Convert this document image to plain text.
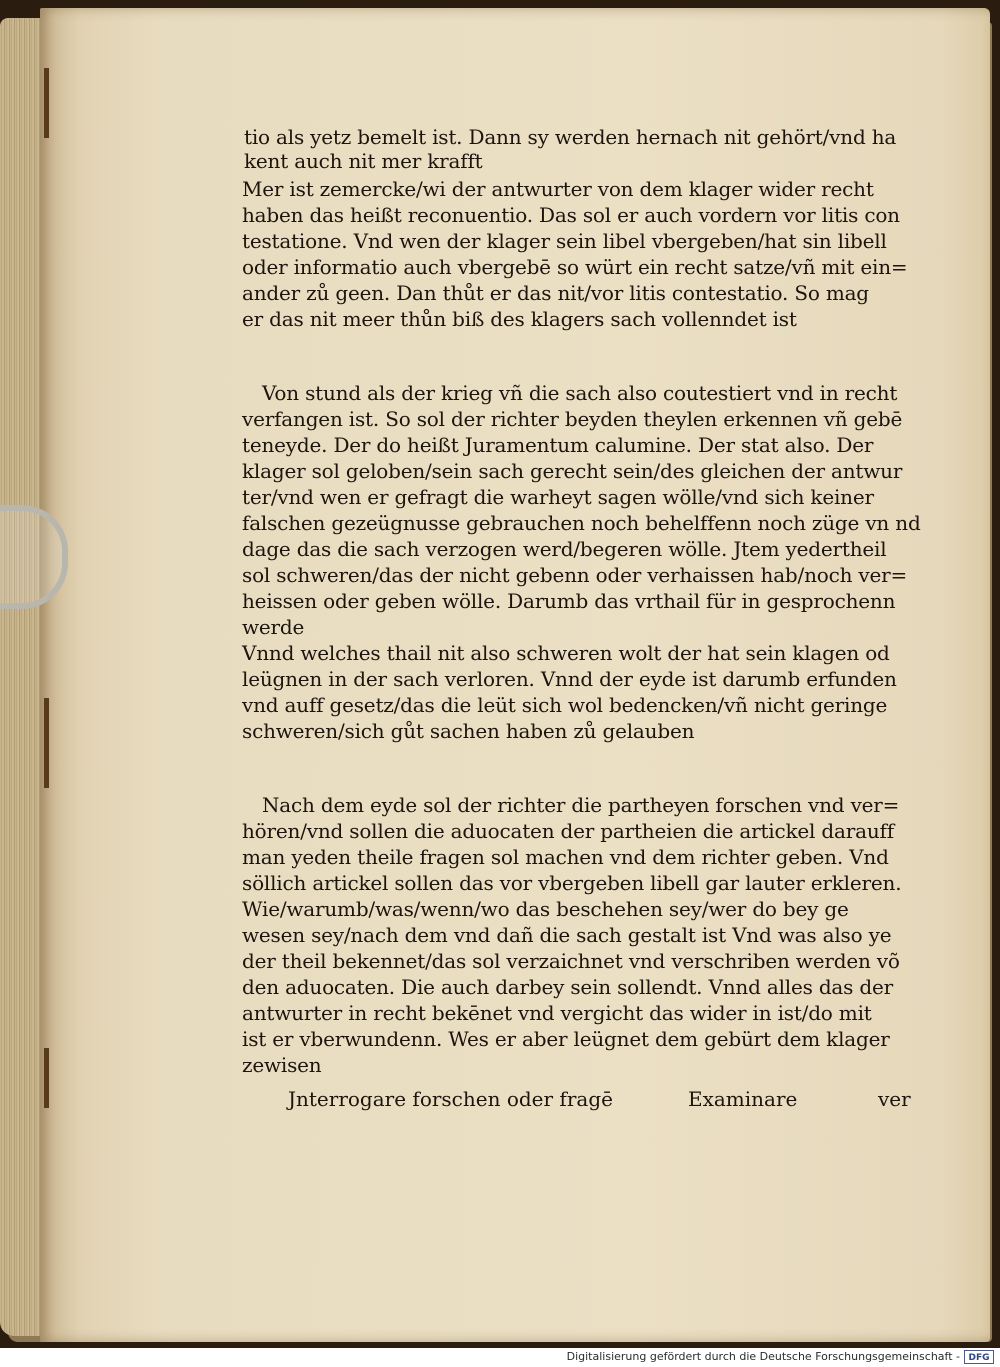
tio als yetz bemelt ist. Dann sy werden hernach nit gehört/vnd ha
kent auch nit mer krafft
Mer ist zemercke/wi der antwurter von dem klager wider recht
haben das heißt reconuentio. Das sol er auch vordern vor litis con
testatione. Vnd wen der klager sein libel vbergeben/hat sin libell
oder informatio auch vbergebē so würt ein recht satze/vñ mit ein=
ander zů geen. Dan thůt er das nit/vor litis contestatio. So mag
er das nit meer thůn biß des klagers sach vollenndet ist
Von stund als der krieg vñ die sach also coutestiert vnd in recht
verfangen ist. So sol der richter beyden theylen erkennen vñ gebē
teneyde. Der do heißt Juramentum calumine. Der stat also. Der
klager sol geloben/sein sach gerecht sein/des gleichen der antwur
ter/vnd wen er gefragt die warheyt sagen wölle/vnd sich keiner
falschen gezeügnusse gebrauchen noch behelffenn noch züge vn nd
dage das die sach verzogen werd/begeren wölle. Jtem yedertheil
sol schweren/das der nicht gebenn oder verhaissen hab/noch ver=
heissen oder geben wölle. Darumb das vrthail für in gesprochenn
werde
Vnnd welches thail nit also schweren wolt der hat sein klagen od
leügnen in der sach verloren. Vnnd der eyde ist darumb erfunden
vnd auff gesetz/das die leüt sich wol bedencken/vñ nicht geringe
schweren/sich gůt sachen haben zů gelauben
Nach dem eyde sol der richter die partheyen forschen vnd ver=
hören/vnd sollen die aduocaten der partheien die artickel darauff
man yeden theile fragen sol machen vnd dem richter geben. Vnd
söllich artickel sollen das vor vbergeben libell gar lauter erkleren.
Wie/warumb/was/wenn/wo das beschehen sey/wer do bey ge
wesen sey/nach dem vnd dañ die sach gestalt ist Vnd was also ye
der theil bekennet/das sol verzaichnet vnd verschriben werden võ
den aduocaten. Die auch darbey sein sollendt. Vnnd alles das der
antwurter in recht bekēnet vnd vergicht das wider in ist/do mit
ist er vberwundenn. Wes er aber leügnet dem gebürt dem klager
zewisen
Jnterrogare forschen oder fragē	Examinare	ver
Digitalisierung gefördert durch die Deutsche Forschungsgemeinschaft - DFG
